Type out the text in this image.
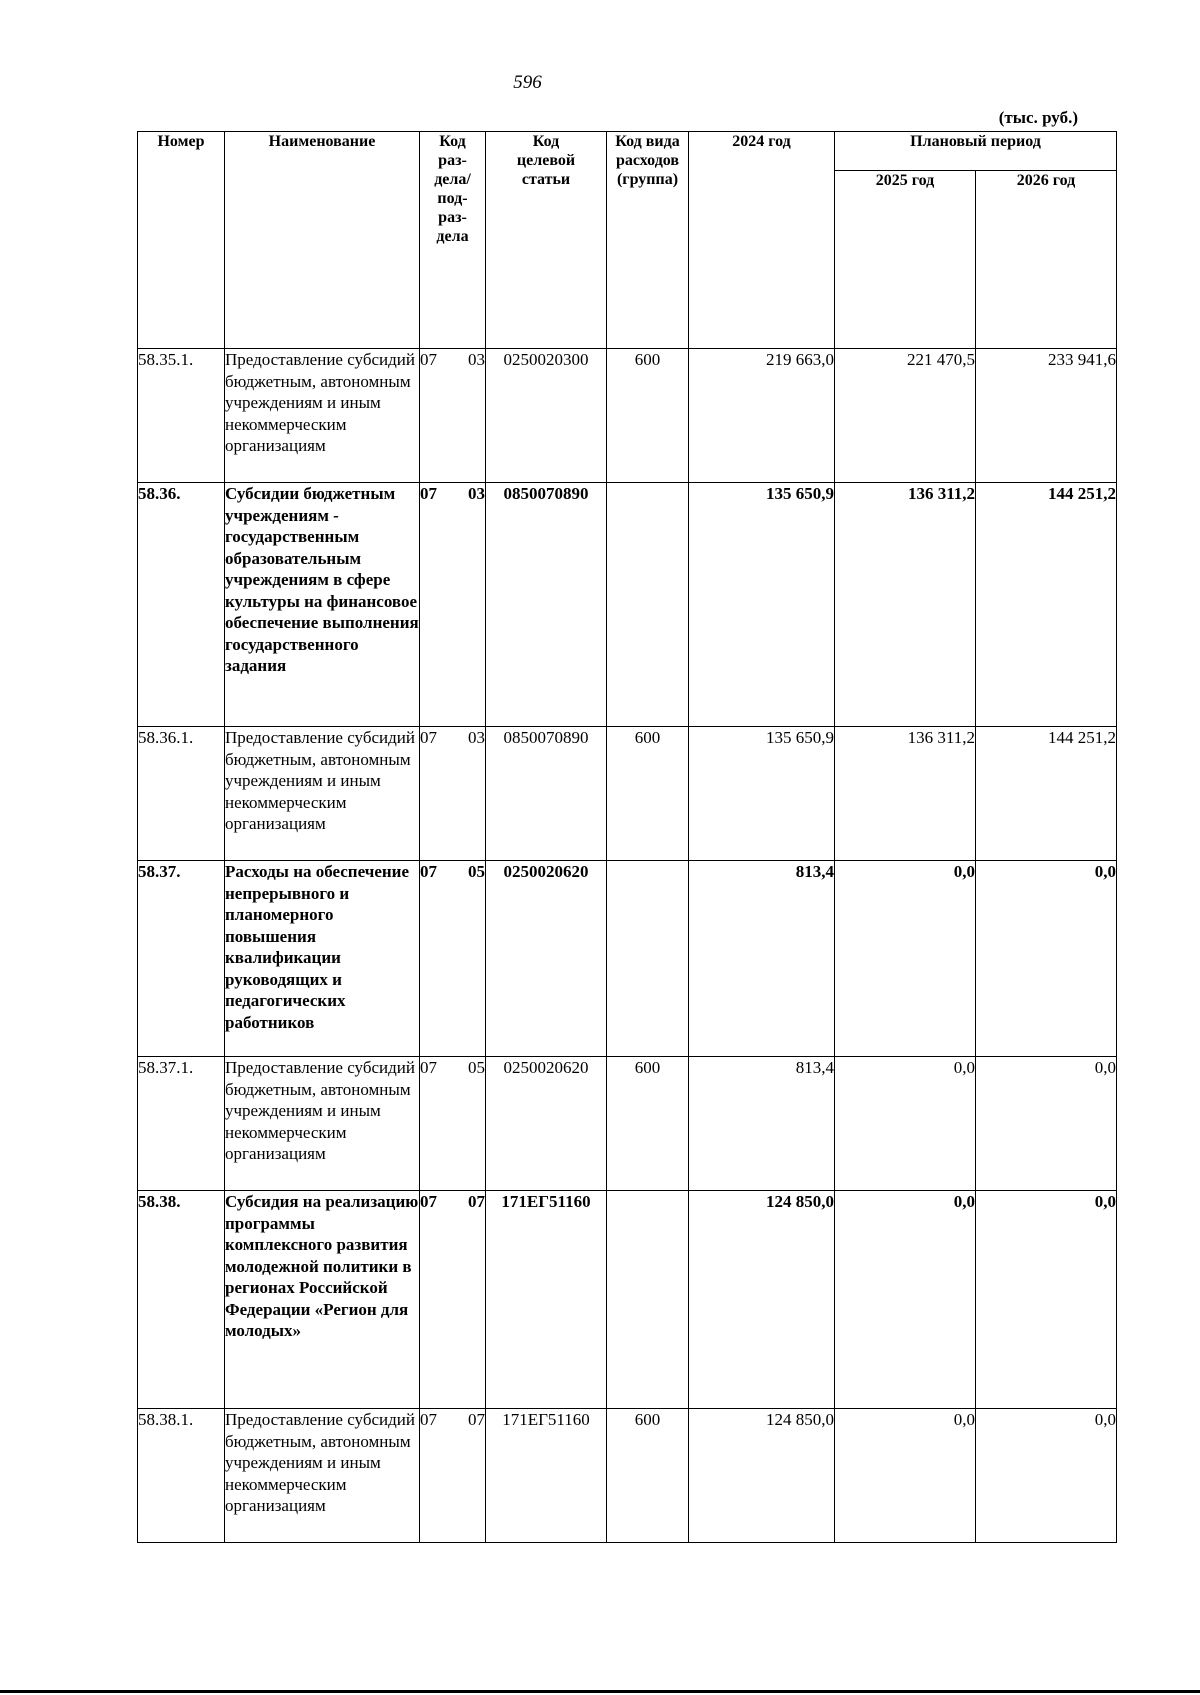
596
(тыс. руб.)
Номер	Наименование	Код раз- дела/ под- раз- дела		Код целевой статьи	Код вида расходов (группа)	2024 год	Плановый период	
							2025 год	2026 год
58.35.1.	Предоставление субсидий бюджетным, автономным учреждениям и иным некоммерческим организациям	07	03	0250020300	600	219 663,0	221 470,5	233 941,6
58.36.	Субсидии бюджетным учреждениям - государственным образовательным учреждениям в сфере культуры на финансовое обеспечение выполнения государственного задания	07	03	0850070890		135 650,9	136 311,2	144 251,2
58.36.1.	Предоставление субсидий бюджетным, автономным учреждениям и иным некоммерческим организациям	07	03	0850070890	600	135 650,9	136 311,2	144 251,2
58.37.	Расходы на обеспечение непрерывного и планомерного повышения квалификации руководящих и педагогических работников	07	05	0250020620		813,4	0,0	0,0
58.37.1.	Предоставление субсидий бюджетным, автономным учреждениям и иным некоммерческим организациям	07	05	0250020620	600	813,4	0,0	0,0
58.38.	Субсидия на реализацию программы комплексного развития молодежной политики в регионах Российской Федерации «Регион для молодых»	07	07	171ЕГ51160		124 850,0	0,0	0,0
58.38.1.	Предоставление субсидий бюджетным, автономным учреждениям и иным некоммерческим организациям	07	07	171ЕГ51160	600	124 850,0	0,0	0,0
